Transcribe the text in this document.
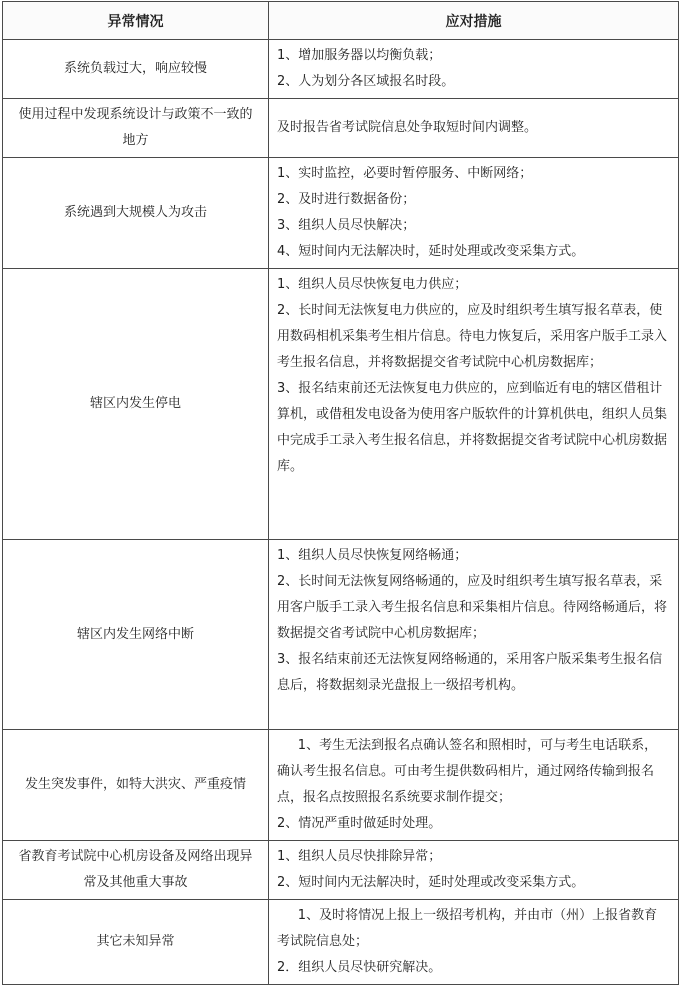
异常情况	应对措施
系统负载过大，响应较慢	1、增加服务器以均衡负载；
2、人为划分各区域报名时段。

使用过程中发现系统设计与政策不一致的地方	及时报告省考试院信息处争取短时间内调整。

系统遇到大规模人为攻击	1、实时监控，必要时暂停服务、中断网络；
2、及时进行数据备份；
3、组织人员尽快解决；
4、短时间内无法解决时，延时处理或改变采集方式。

辖区内发生停电	1、组织人员尽快恢复电力供应；
2、长时间无法恢复电力供应的，应及时组织考生填写报名草表，使用数码相机采集考生相片信息。待电力恢复后，采用客户版手工录入考生报名信息，并将数据提交省考试院中心机房数据库；
3、报名结束前还无法恢复电力供应的，应到临近有电的辖区借租计算机，或借租发电设备为使用客户版软件的计算机供电，组织人员集中完成手工录入考生报名信息，并将数据提交省考试院中心机房数据库。

辖区内发生网络中断	1、组织人员尽快恢复网络畅通；
2、长时间无法恢复网络畅通的，应及时组织考生填写报名草表，采用客户版手工录入考生报名信息和采集相片信息。待网络畅通后，将数据提交省考试院中心机房数据库；
3、报名结束前还无法恢复网络畅通的，采用客户版采集考生报名信息后，将数据刻录光盘报上一级招考机构。

发生突发事件，如特大洪灾、严重疫情	1、考生无法到报名点确认签名和照相时，可与考生电话联系，确认考生报名信息。可由考生提供数码相片，通过网络传输到报名点，报名点按照报名系统要求制作提交；
2、情况严重时做延时处理。

省教育考试院中心机房设备及网络出现异常及其他重大事故	1、组织人员尽快排除异常；
2、短时间内无法解决时，延时处理或改变采集方式。

其它未知异常	1、及时将情况上报上一级招考机构，并由市（州）上报省教育考试院信息处；
2．组织人员尽快研究解决。
